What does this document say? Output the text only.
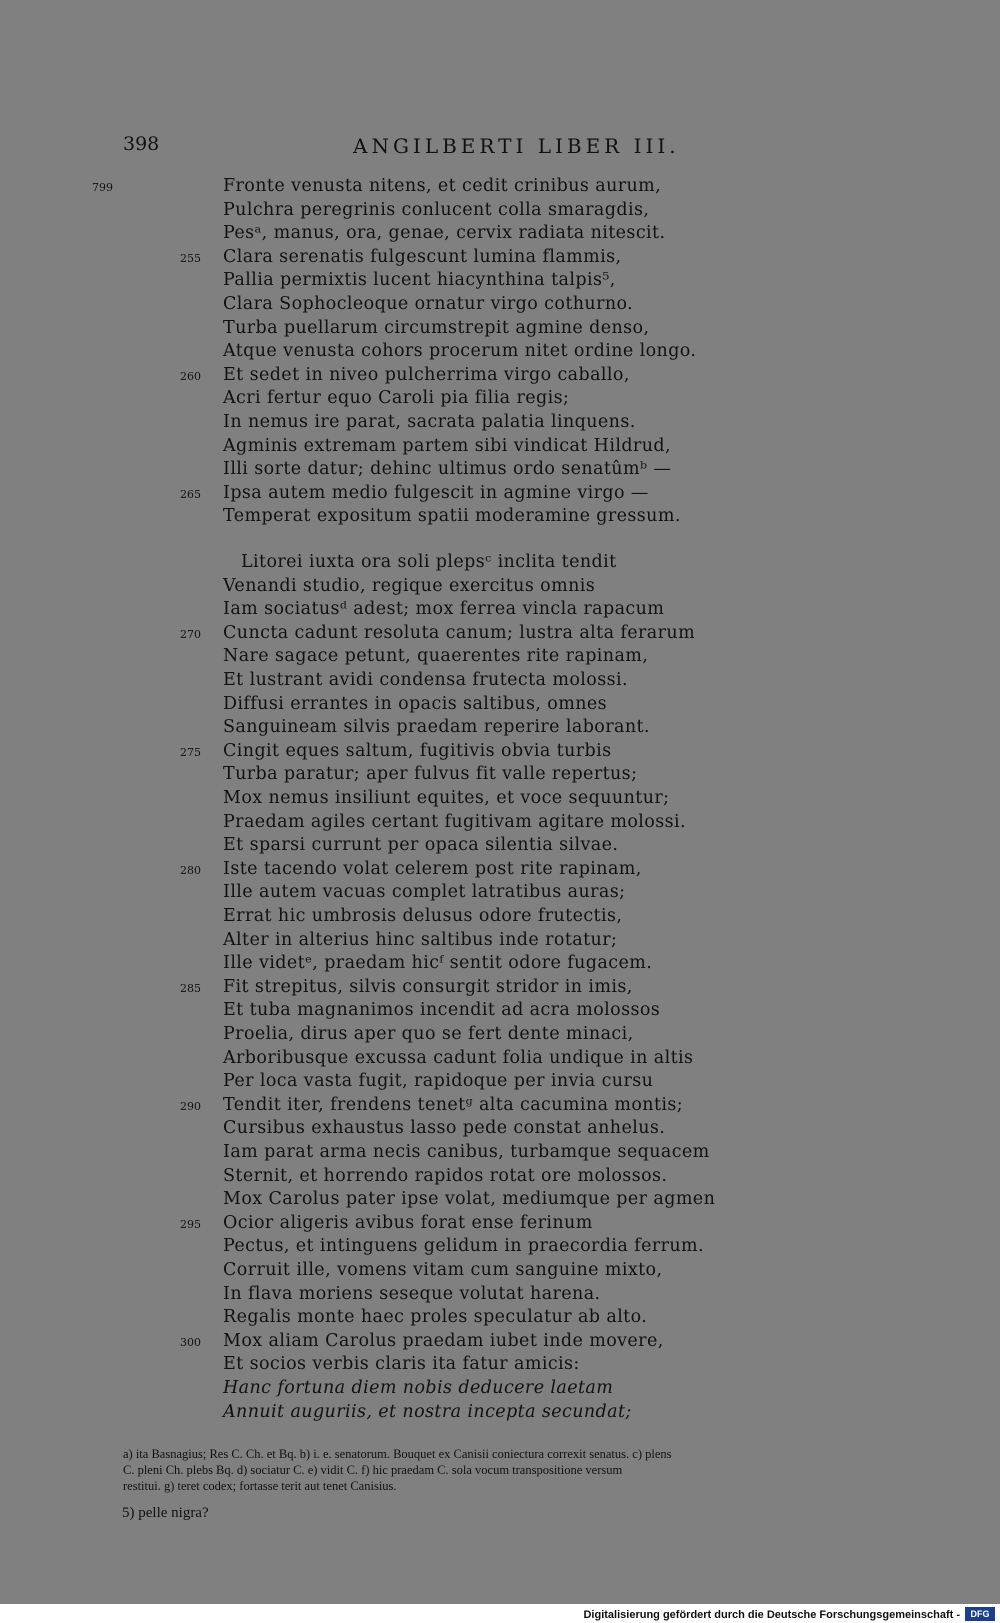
398	ANGILBERTI LIBER III.
Fronte venusta nitens, et cedit crinibus aurum,
799
Pulchra peregrinis conlucent colla smaragdis,
Pesᵃ, manus, ora, genae, cervix radiata nitescit.
Clara serenatis fulgescunt lumina flammis,
255
Pallia permixtis lucent hiacynthina talpis⁵,
Clara Sophocleoque ornatur virgo cothurno.
Turba puellarum circumstrepit agmine denso,
Atque venusta cohors procerum nitet ordine longo.
Et sedet in niveo pulcherrima virgo caballo,
260
Acri fertur equo Caroli pia filia regis;
In nemus ire parat, sacrata palatia linquens.
Agminis extremam partem sibi vindicat Hildrud,
Illi sorte datur; dehinc ultimus ordo senatûmᵇ —
Ipsa autem medio fulgescit in agmine virgo —
265
Temperat expositum spatii moderamine gressum.
Litorei iuxta ora soli plepsᶜ inclita tendit
Venandi studio, regique exercitus omnis
Iam sociatusᵈ adest; mox ferrea vincla rapacum
Cuncta cadunt resoluta canum; lustra alta ferarum
270
Nare sagace petunt, quaerentes rite rapinam,
Et lustrant avidi condensa frutecta molossi.
Diffusi errantes in opacis saltibus, omnes
Sanguineam silvis praedam reperire laborant.
Cingit eques saltum, fugitivis obvia turbis
275
Turba paratur; aper fulvus fit valle repertus;
Mox nemus insiliunt equites, et voce sequuntur;
Praedam agiles certant fugitivam agitare molossi.
Et sparsi currunt per opaca silentia silvae.
Iste tacendo volat celerem post rite rapinam,
280
Ille autem vacuas complet latratibus auras;
Errat hic umbrosis delusus odore frutectis,
Alter in alterius hinc saltibus inde rotatur;
Ille videtᵉ, praedam hicᶠ sentit odore fugacem.
Fit strepitus, silvis consurgit stridor in imis,
285
Et tuba magnanimos incendit ad acra molossos
Proelia, dirus aper quo se fert dente minaci,
Arboribusque excussa cadunt folia undique in altis
Per loca vasta fugit, rapidoque per invia cursu
Tendit iter, frendens tenetᵍ alta cacumina montis;
290
Cursibus exhaustus lasso pede constat anhelus.
Iam parat arma necis canibus, turbamque sequacem
Sternit, et horrendo rapidos rotat ore molossos.
Mox Carolus pater ipse volat, mediumque per agmen
Ocior aligeris avibus forat ense ferinum
295
Pectus, et intinguens gelidum in praecordia ferrum.
Corruit ille, vomens vitam cum sanguine mixto,
In flava moriens seseque volutat harena.
Regalis monte haec proles speculatur ab alto.
Mox aliam Carolus praedam iubet inde movere,
300
Et socios verbis claris ita fatur amicis:
Hanc fortuna diem nobis deducere laetam
Annuit auguriis, et nostra incepta secundat;
a) ita Basnagius; Res C. Ch. et Bq. b) i. e. senatorum. Bouquet ex Canisii coniectura correxit senatus. c) plens
C. pleni Ch. plebs Bq. d) sociatur C. e) vidit C. f) hic praedam C. sola vocum transpositione versum
restitui. g) teret codex; fortasse terit aut tenet Canisius.
5) pelle nigra?
Digitalisierung gefördert durch die Deutsche Forschungsgemeinschaft -	DFG
